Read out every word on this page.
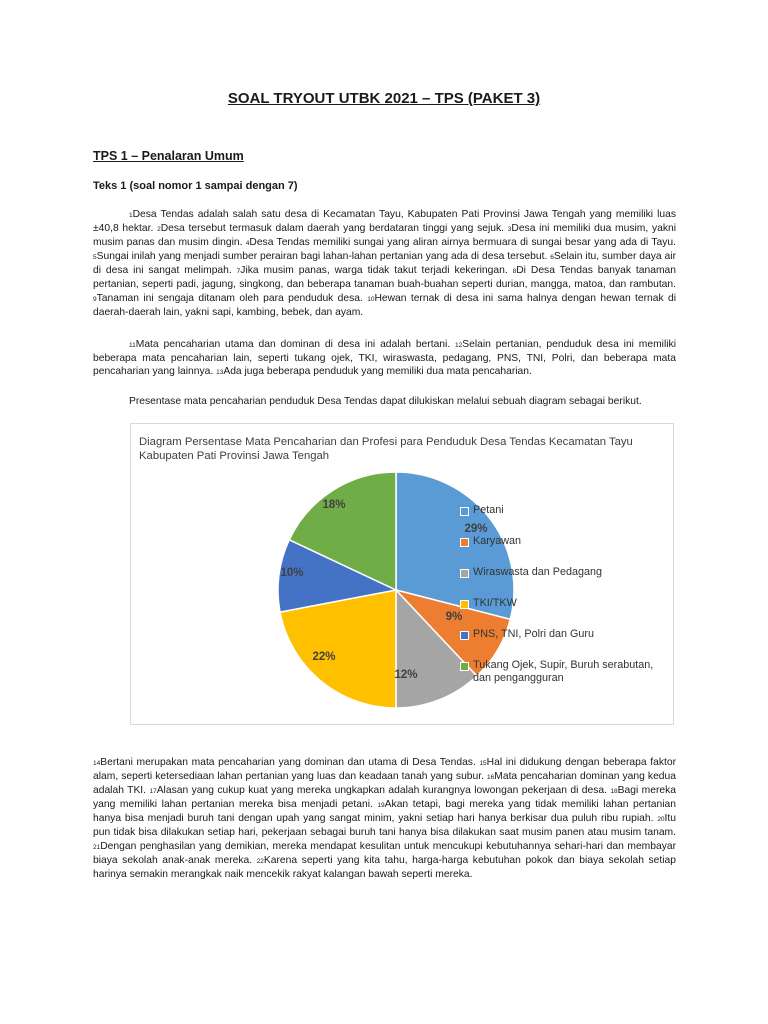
SOAL TRYOUT UTBK 2021 – TPS (PAKET 3)
TPS 1 – Penalaran Umum
Teks 1 (soal nomor 1 sampai dengan 7)

1Desa Tendas adalah salah satu desa di Kecamatan Tayu, Kabupaten Pati Provinsi Jawa Tengah yang memiliki luas ±40,8 hektar. 2Desa tersebut termasuk dalam daerah yang berdataran tinggi yang sejuk. 3Desa ini memiliki dua musim, yakni musim panas dan musim dingin. 4Desa Tendas memiliki sungai yang aliran airnya bermuara di sungai besar yang ada di Tayu. 5Sungai inilah yang menjadi sumber perairan bagi lahan-lahan pertanian yang ada di desa tersebut. 6Selain itu, sumber daya air di desa ini sangat melimpah. 7Jika musim panas, warga tidak takut terjadi kekeringan. 8Di Desa Tendas banyak tanaman pertanian, seperti padi, jagung, singkong, dan beberapa tanaman buah-buahan seperti durian, mangga, matoa, dan rambutan. 9Tanaman ini sengaja ditanam oleh para penduduk desa. 10Hewan ternak di desa ini sama halnya dengan hewan ternak di daerah-daerah lain, yakni sapi, kambing, bebek, dan ayam.

11Mata pencaharian utama dan dominan di desa ini adalah bertani. 12Selain pertanian, penduduk desa ini memiliki beberapa mata pencaharian lain, seperti tukang ojek, TKI, wiraswasta, pedagang, PNS, TNI, Polri, dan beberapa mata pencaharian yang lainnya. 13Ada juga beberapa penduduk yang memiliki dua mata pencaharian.

Presentase mata pencaharian penduduk Desa Tendas dapat dilukiskan melalui sebuah diagram sebagai berikut.

Diagram Persentase Mata Pencaharian dan Profesi para Penduduk Desa Tendas Kecamatan Tayu Kabupaten Pati Provinsi Jawa Tengah

29%
9%
12%
22%
10%
18%	Petani
Karyawan
Wiraswasta dan Pedagang
TKI/TKW
PNS, TNI, Polri dan Guru
Tukang Ojek, Supir, Buruh serabutan, dan pengangguran

14Bertani merupakan mata pencaharian yang dominan dan utama di Desa Tendas. 15Hal ini didukung dengan beberapa faktor alam, seperti ketersediaan lahan pertanian yang luas dan keadaan tanah yang subur. 16Mata pencaharian dominan yang kedua adalah TKI. 17Alasan yang cukup kuat yang mereka ungkapkan adalah kurangnya lowongan pekerjaan di desa. 18Bagi mereka yang memiliki lahan pertanian mereka bisa menjadi petani. 19Akan tetapi, bagi mereka yang tidak memiliki lahan pertanian hanya bisa menjadi buruh tani dengan upah yang sangat minim, yakni setiap hari hanya berkisar dua puluh ribu rupiah. 20Itu pun tidak bisa dilakukan setiap hari, pekerjaan sebagai buruh tani hanya bisa dilakukan saat musim panen atau musim tanam. 21Dengan penghasilan yang demikian, mereka mendapat kesulitan untuk mencukupi kebutuhannya sehari-hari dan membayar biaya sekolah anak-anak mereka. 22Karena seperti yang kita tahu, harga-harga kebutuhan pokok dan biaya sekolah setiap harinya semakin merangkak naik mencekik rakyat kalangan bawah seperti mereka.
